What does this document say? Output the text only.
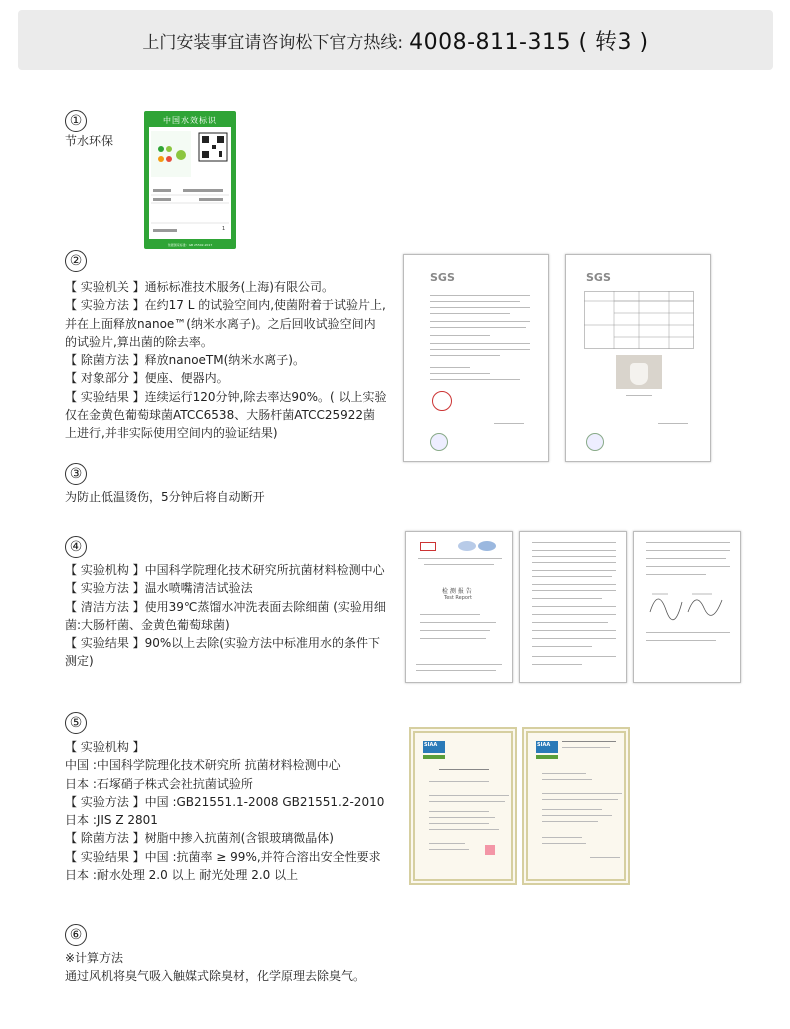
上门安装事宜请咨询松下官方热线: 4008-811-315 ( 转3 )
①

节水环保

中国水效标识
1
依据国家标准：GB 25502-2017
②

【 实验机关 】通标标准技术服务(上海)有限公司。

【 实验方法 】在约17 L 的试验空间内,使菌附着于试验片上,

并在上面释放nanoe™(纳米水离子)。之后回收试验空间内

的试验片,算出菌的除去率。

【 除菌方法 】释放nanoeTM(纳米水离子)。

【 对象部分 】便座、便器内。

【 实验结果 】连续运行120分钟,除去率达90%。( 以上实验

仅在金黄色葡萄球菌ATCC6538、大肠杆菌ATCC25922菌

上进行,并非实际使用空间内的验证结果)

SGS	SGS
③

为防止低温烫伤，5分钟后将自动断开

④

【 实验机构 】中国科学院理化技术研究所抗菌材料检测中心

【 实验方法 】温水喷嘴清洁试验法

【 清洁方法 】使用39℃蒸馏水冲洗表面去除细菌 (实验用细

菌:大肠杆菌、金黄色葡萄球菌)

【 实验结果 】90%以上去除(实验方法中标准用水的条件下

测定)

检 测 报 告
Test Report
⑤

【 实验机构 】

中国 :中国科学院理化技术研究所 抗菌材料检测中心

日本 :石塚硝子株式会社抗菌试验所

【 实验方法 】中国 :GB21551.1-2008 GB21551.2-2010

日本 :JIS Z 2801

【 除菌方法 】树脂中掺入抗菌剂(含银玻璃微晶体)

【 实验结果 】中国 :抗菌率 ≥ 99%,并符合溶出安全性要求

日本 :耐水处理 2.0 以上 耐光处理 2.0 以上

SIAA	SIAA
⑥

※计算方法

通过风机将臭气吸入触媒式除臭材，化学原理去除臭气。
